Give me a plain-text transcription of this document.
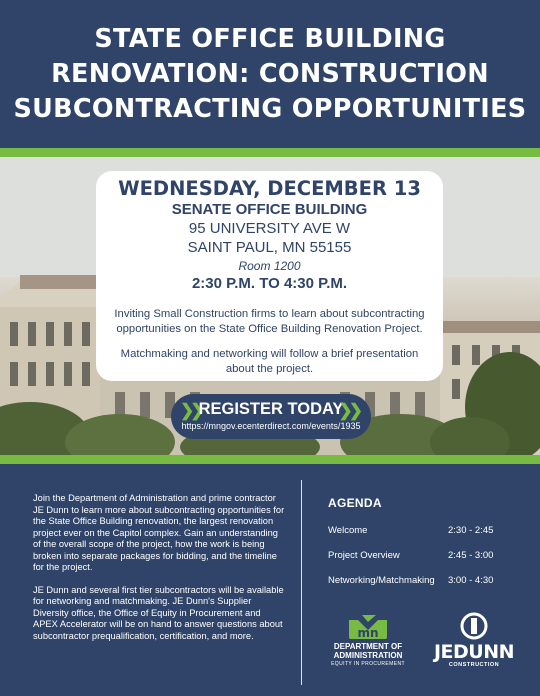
STATE OFFICE BUILDING
RENOVATION: CONSTRUCTION
SUBCONTRACTING OPPORTUNITIES
WEDNESDAY, DECEMBER 13
SENATE OFFICE BUILDING
95 UNIVERSITY AVE W
SAINT PAUL, MN 55155
Room 1200
2:30 P.M. TO 4:30 P.M.
Inviting Small Construction firms to learn about subcontracting opportunities on the State Office Building Renovation Project.
Matchmaking and networking will follow a brief presentation about the project.
❯❯
REGISTER TODAY
❯❯
https://mngov.ecenterdirect.com/events/1935

Join the Department of Administration and prime contractor JE Dunn to learn more about subcontracting opportunities for the State Office Building renovation, the largest renovation project ever on the Capitol complex. Gain an understanding of the overall scope of the project, how the work is being broken into separate packages for bidding, and the timeline for the project.

JE Dunn and several first tier subcontractors will be available for networking and matchmaking. JE Dunn's Supplier Diversity office, the Office of Equity in Procurement and APEX Accelerator will be on hand to answer questions about subcontractor prequalification, certification, and more.

AGENDA
Welcome	2:30 - 2:45
Project Overview	2:45 - 3:00
Networking/Matchmaking 3:00 - 4:30
mn
DEPARTMENT OF
ADMINISTRATION
EQUITY IN PROCUREMENT
JEDUNN
CONSTRUCTION
